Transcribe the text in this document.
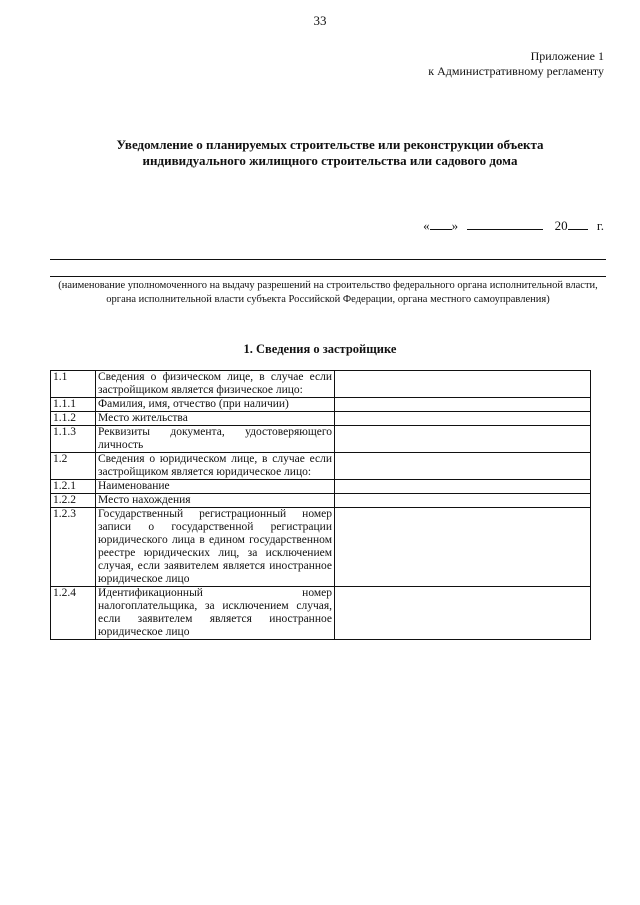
33
Приложение 1
к Административному регламенту
Уведомление о планируемых строительстве или реконструкции объекта
индивидуального жилищного строительства или садового дома
« »	20 г.
(наименование уполномоченного на выдачу разрешений на строительство федерального органа исполнительной власти, органа исполнительной власти субъекта Российской Федерации, органа местного самоуправления)
1. Сведения о застройщике
1.1	Сведения о физическом лице, в случае если застройщиком является физическое лицо:	
1.1.1	Фамилия, имя, отчество (при наличии)	
1.1.2	Место жительства	
1.1.3	Реквизиты документа, удостоверяющего личность	
1.2	Сведения о юридическом лице, в случае если застройщиком является юридическое лицо:	
1.2.1	Наименование	
1.2.2	Место нахождения	
1.2.3	Государственный регистрационный номер записи о государственной регистрации юридического лица в едином государственном реестре юридических лиц, за исключением случая, если заявителем является иностранное юридическое лицо	
1.2.4	Идентификационный номер налогоплательщика, за исключением случая, если заявителем является иностранное юридическое лицо	
